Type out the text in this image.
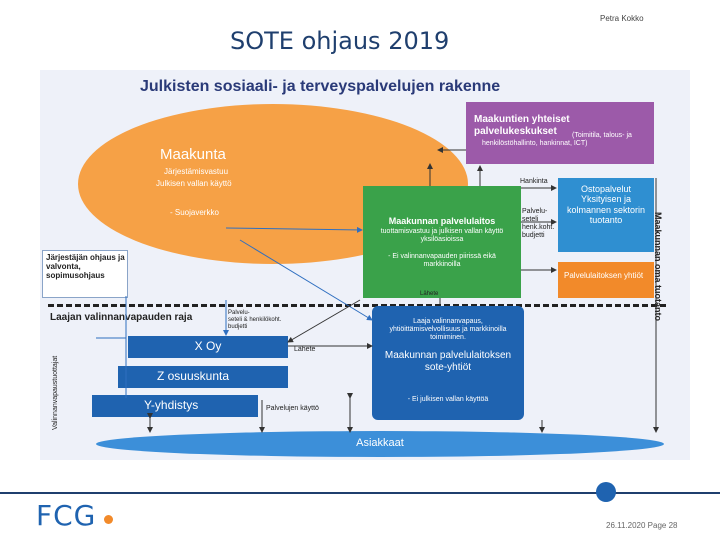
Petra Kokko
SOTE ohjaus 2019
Julkisten sosiaali- ja terveyspalvelujen rakenne
Maakunta
Järjestämisvastuu
Julkisen vallan käyttö
- Suojaverkko
Maakuntien yhteiset palvelukeskukset	(Toimitila, talous- ja henkilöstöhallinto, hankinnat, ICT)
Maakunnan palvelulaitos
tuottamisvastuu ja julkisen vallan käyttö yksilöasioissa
- Ei valinnanvapauden piirissä eikä markkinoilla
Ostopalvelut
Yksityisen ja kolmannen sektorin tuotanto
Palvelulaitoksen yhtiöt	Maakunnan oma tuotanto
Hankinta
Palvelu-
seteli
henk.koht.
budjetti
Järjestäjän ohjaus ja valvonta, sopimusohjaus
Laajan valinnanvapauden raja	Palvelu-
seteli & henkilökoht.
budjetti
Lähete
X Oy
Z osuuskunta
Y-yhdistys
Lähete
Valinnanvapaustuottajat
Laaja valinnanvapaus, yhtiöittämisvelvollisuus ja markkinoilla toimiminen.
Maakunnan palvelulaitoksen sote-yhtiöt
- Ei julkisen vallan käyttöä
Palvelujen käyttö
Asiakkaat
FCG	26.11.2020 Page 28
